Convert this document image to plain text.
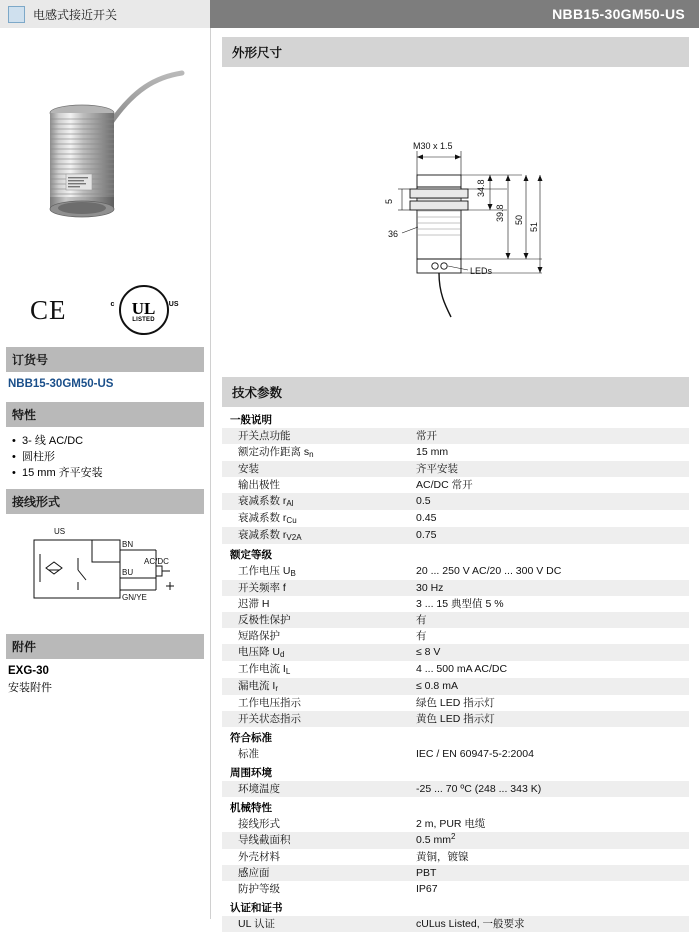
电感式接近开关	NBB15-30GM50-US
CE	c	US
UL
LISTED
订货号
NBB15-30GM50-US
特性
• 3- 线 AC/DC
• 圆柱形
• 15 mm 齐平安装
接线形式
US
BN
BU
GN/YE
AC/DC
附件
EXG-30
安装附件
外形尺寸
M30 x 1.5
5
36
34.8
39.8 50
51
LEDs
技术参数
一般说明	
开关点功能	常开
额定动作距离 $s_n$	15 mm
安装	齐平安装
输出极性	AC/DC 常开
衰减系数 $r_{Al}$	0.5
衰减系数 $r_{Cu}$	0.45
衰减系数 $r_{V2A}$	0.75
额定等级	
工作电压 $U_B$	20 ... 250 V AC/20 ... 300 V DC
开关频率 f	30 Hz
迟滞 H	3 ... 15 典型值 5 %
反极性保护	有
短路保护	有
电压降 $U_d$	≤ 8 V
工作电流 $I_L$	4 ... 500 mA AC/DC
漏电流 $I_r$	≤ 0.8 mA
工作电压指示	绿色 LED 指示灯
开关状态指示	黄色 LED 指示灯
符合标准	
标准	IEC / EN 60947-5-2:2004
周围环境	
环境温度	-25 ... 70 ºC (248 ... 343 K)
机械特性	
接线形式	2 m, PUR 电缆
导线截面积	0.5 $mm^2$
外壳材料	黄铜，镀镍
感应面	PBT
防护等级	IP67
认证和证书	
UL 认证	cULus Listed, 一般要求
